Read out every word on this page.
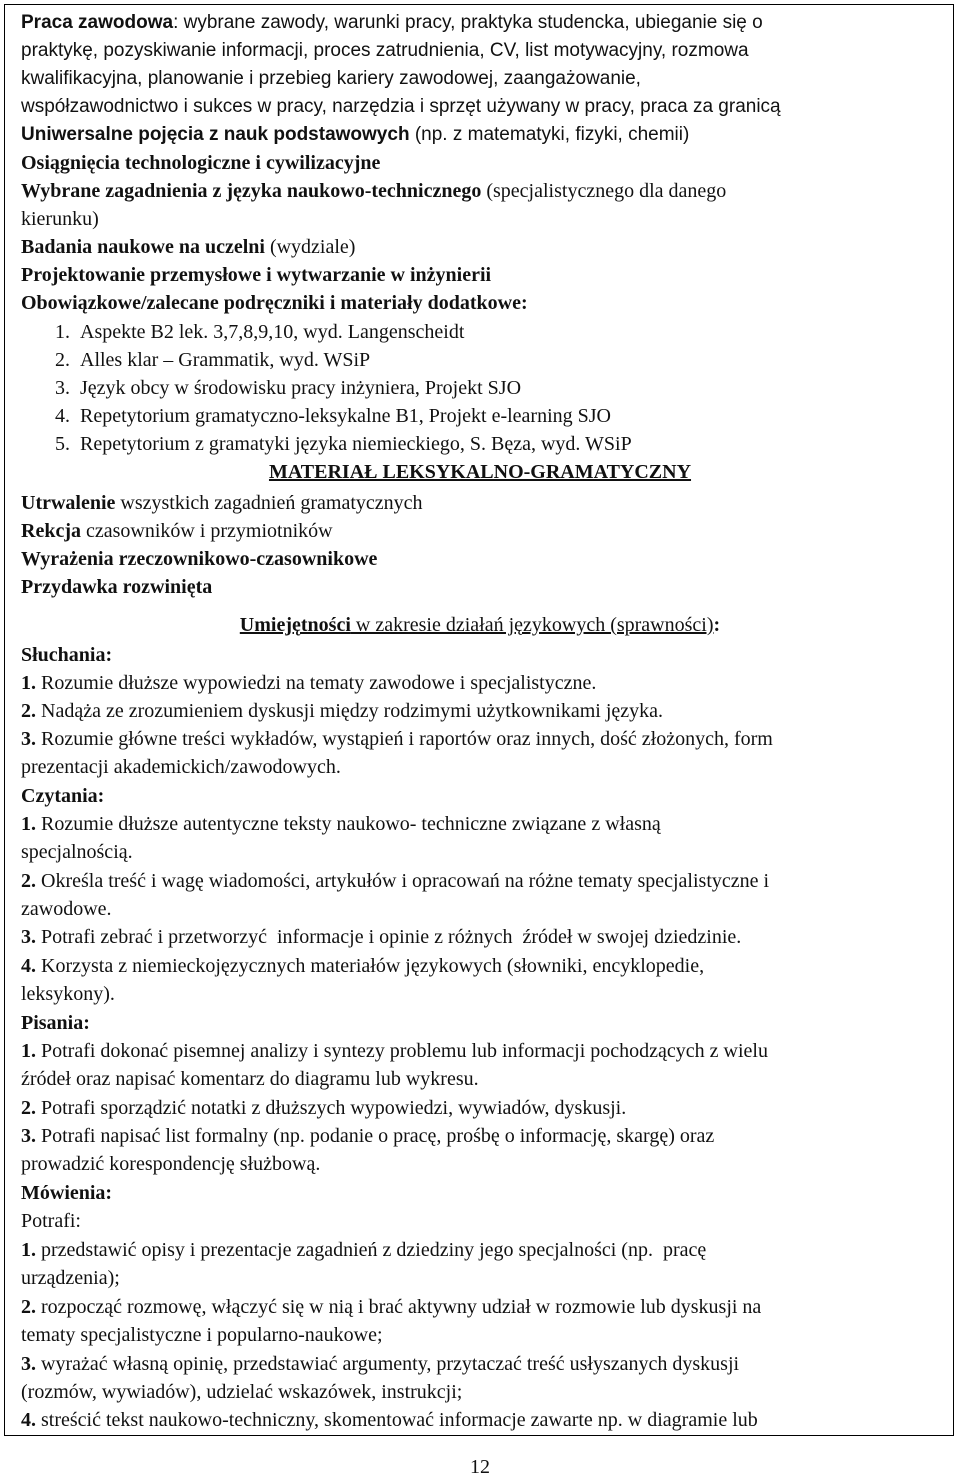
Praca zawodowa: wybrane zawody, warunki pracy, praktyka studencka, ubieganie się o
praktykę, pozyskiwanie informacji, proces zatrudnienia, CV, list motywacyjny, rozmowa
kwalifikacyjna, planowanie i przebieg kariery zawodowej, zaangażowanie,
współzawodnictwo i sukces w pracy, narzędzia i sprzęt używany w pracy, praca za granicą
Uniwersalne pojęcia z nauk podstawowych (np. z matematyki, fizyki, chemii)
Osiągnięcia technologiczne i cywilizacyjne
Wybrane zagadnienia z języka naukowo-technicznego (specjalistycznego dla danego
kierunku)
Badania naukowe na uczelni (wydziale)
Projektowanie przemysłowe i wytwarzanie w inżynierii
Obowiązkowe/zalecane podręczniki i materiały dodatkowe:
1. Aspekte B2 lek. 3,7,8,9,10, wyd. Langenscheidt
2. Alles klar – Grammatik, wyd. WSiP
3. Język obcy w środowisku pracy inżyniera, Projekt SJO
4. Repetytorium gramatyczno-leksykalne B1, Projekt e-learning SJO
5. Repetytorium z gramatyki języka niemieckiego, S. Bęza, wyd. WSiP
MATERIAŁ LEKSYKALNO-GRAMATYCZNY
Utrwalenie wszystkich zagadnień gramatycznych
Rekcja czasowników i przymiotników
Wyrażenia rzeczownikowo-czasownikowe
Przydawka rozwinięta
Umiejętności w zakresie działań językowych (sprawności):
Słuchania:
1. Rozumie dłuższe wypowiedzi na tematy zawodowe i specjalistyczne.
2. Nadąża ze zrozumieniem dyskusji między rodzimymi użytkownikami języka.
3. Rozumie główne treści wykładów, wystąpień i raportów oraz innych, dość złożonych, form
prezentacji akademickich/zawodowych.
Czytania:
1. Rozumie dłuższe autentyczne teksty naukowo- techniczne związane z własną
specjalnością.
2. Określa treść i wagę wiadomości, artykułów i opracowań na różne tematy specjalistyczne i
zawodowe.
3. Potrafi zebrać i przetworzyć  informacje i opinie z różnych  źródeł w swojej dziedzinie.
4. Korzysta z niemieckojęzycznych materiałów językowych (słowniki, encyklopedie,
leksykony).
Pisania:
1. Potrafi dokonać pisemnej analizy i syntezy problemu lub informacji pochodzących z wielu
źródeł oraz napisać komentarz do diagramu lub wykresu.
2. Potrafi sporządzić notatki z dłuższych wypowiedzi, wywiadów, dyskusji.
3. Potrafi napisać list formalny (np. podanie o pracę, prośbę o informację, skargę) oraz
prowadzić korespondencję służbową.
Mówienia:
Potrafi:
1. przedstawić opisy i prezentacje zagadnień z dziedziny jego specjalności (np.  pracę
urządzenia);
2. rozpocząć rozmowę, włączyć się w nią i brać aktywny udział w rozmowie lub dyskusji na
tematy specjalistyczne i popularno-naukowe;
3. wyrażać własną opinię, przedstawiać argumenty, przytaczać treść usłyszanych dyskusji
(rozmów, wywiadów), udzielać wskazówek, instrukcji;
4. streścić tekst naukowo-techniczny, skomentować informacje zawarte np. w diagramie lub
12
